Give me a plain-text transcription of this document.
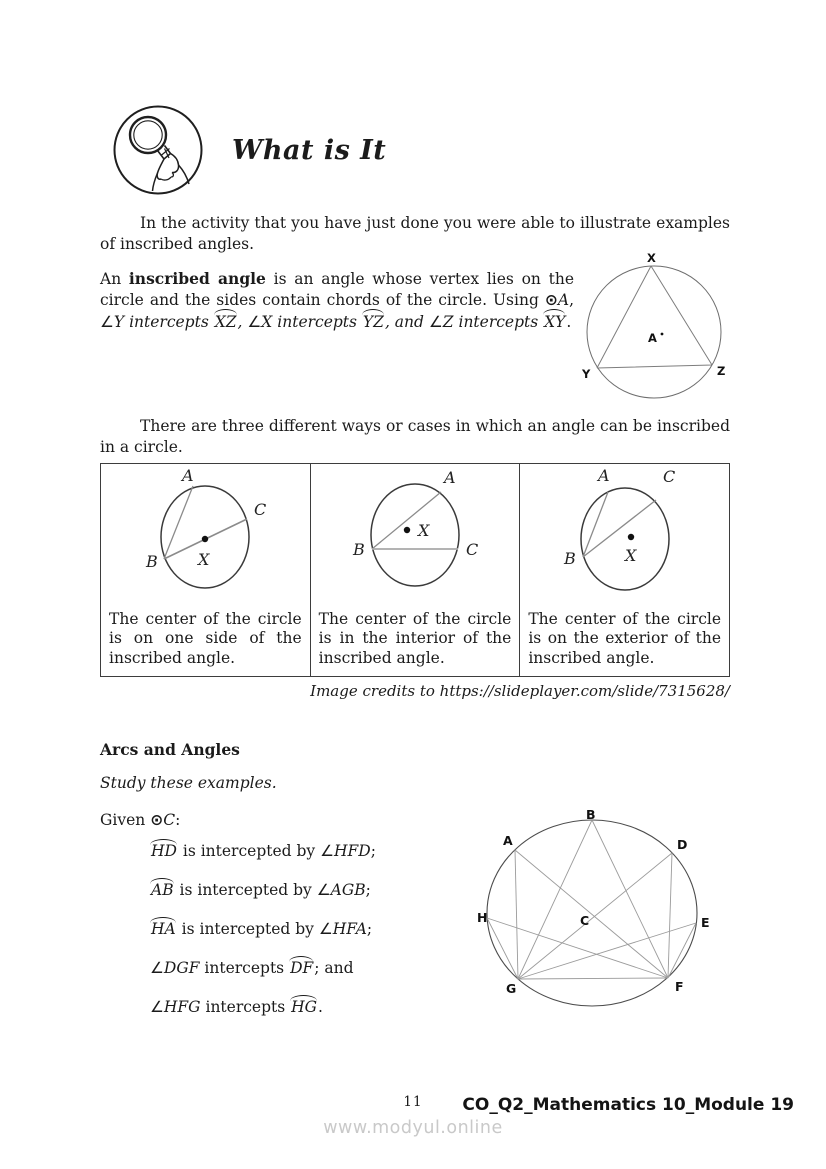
What is It

In the activity that you have just done you were able to illustrate examples of inscribed angles.

An inscribed angle is an angle whose vertex lies on the circle and the sides contain chords of the circle. Using ⊙A, ∠Y intercepts XZ, ∠X intercepts YZ, and ∠Z intercepts XY.

X
Y	Z
A

There are three different ways or cases in which an angle can be inscribed in a circle.

A
B
C
X

The center of the circle is on one side of the inscribed angle.

A
B	C
X

The center of the circle is in the interior of the inscribed angle.

A
B
C
X

The center of the circle is on the exterior of the inscribed angle.

Image credits to https://slideplayer.com/slide/7315628/

Arcs and Angles

Study these examples.

Given ⊙C:

HD is intercepted by ∠HFD;
AB is intercepted by ∠AGB;
HA is intercepted by ∠HFA;
∠DGF intercepts DF; and
∠HFG intercepts HG.
B
A	D
H	E
G	F
C
11	CO_Q2_Mathematics 10_Module 19
www.modyul.online
